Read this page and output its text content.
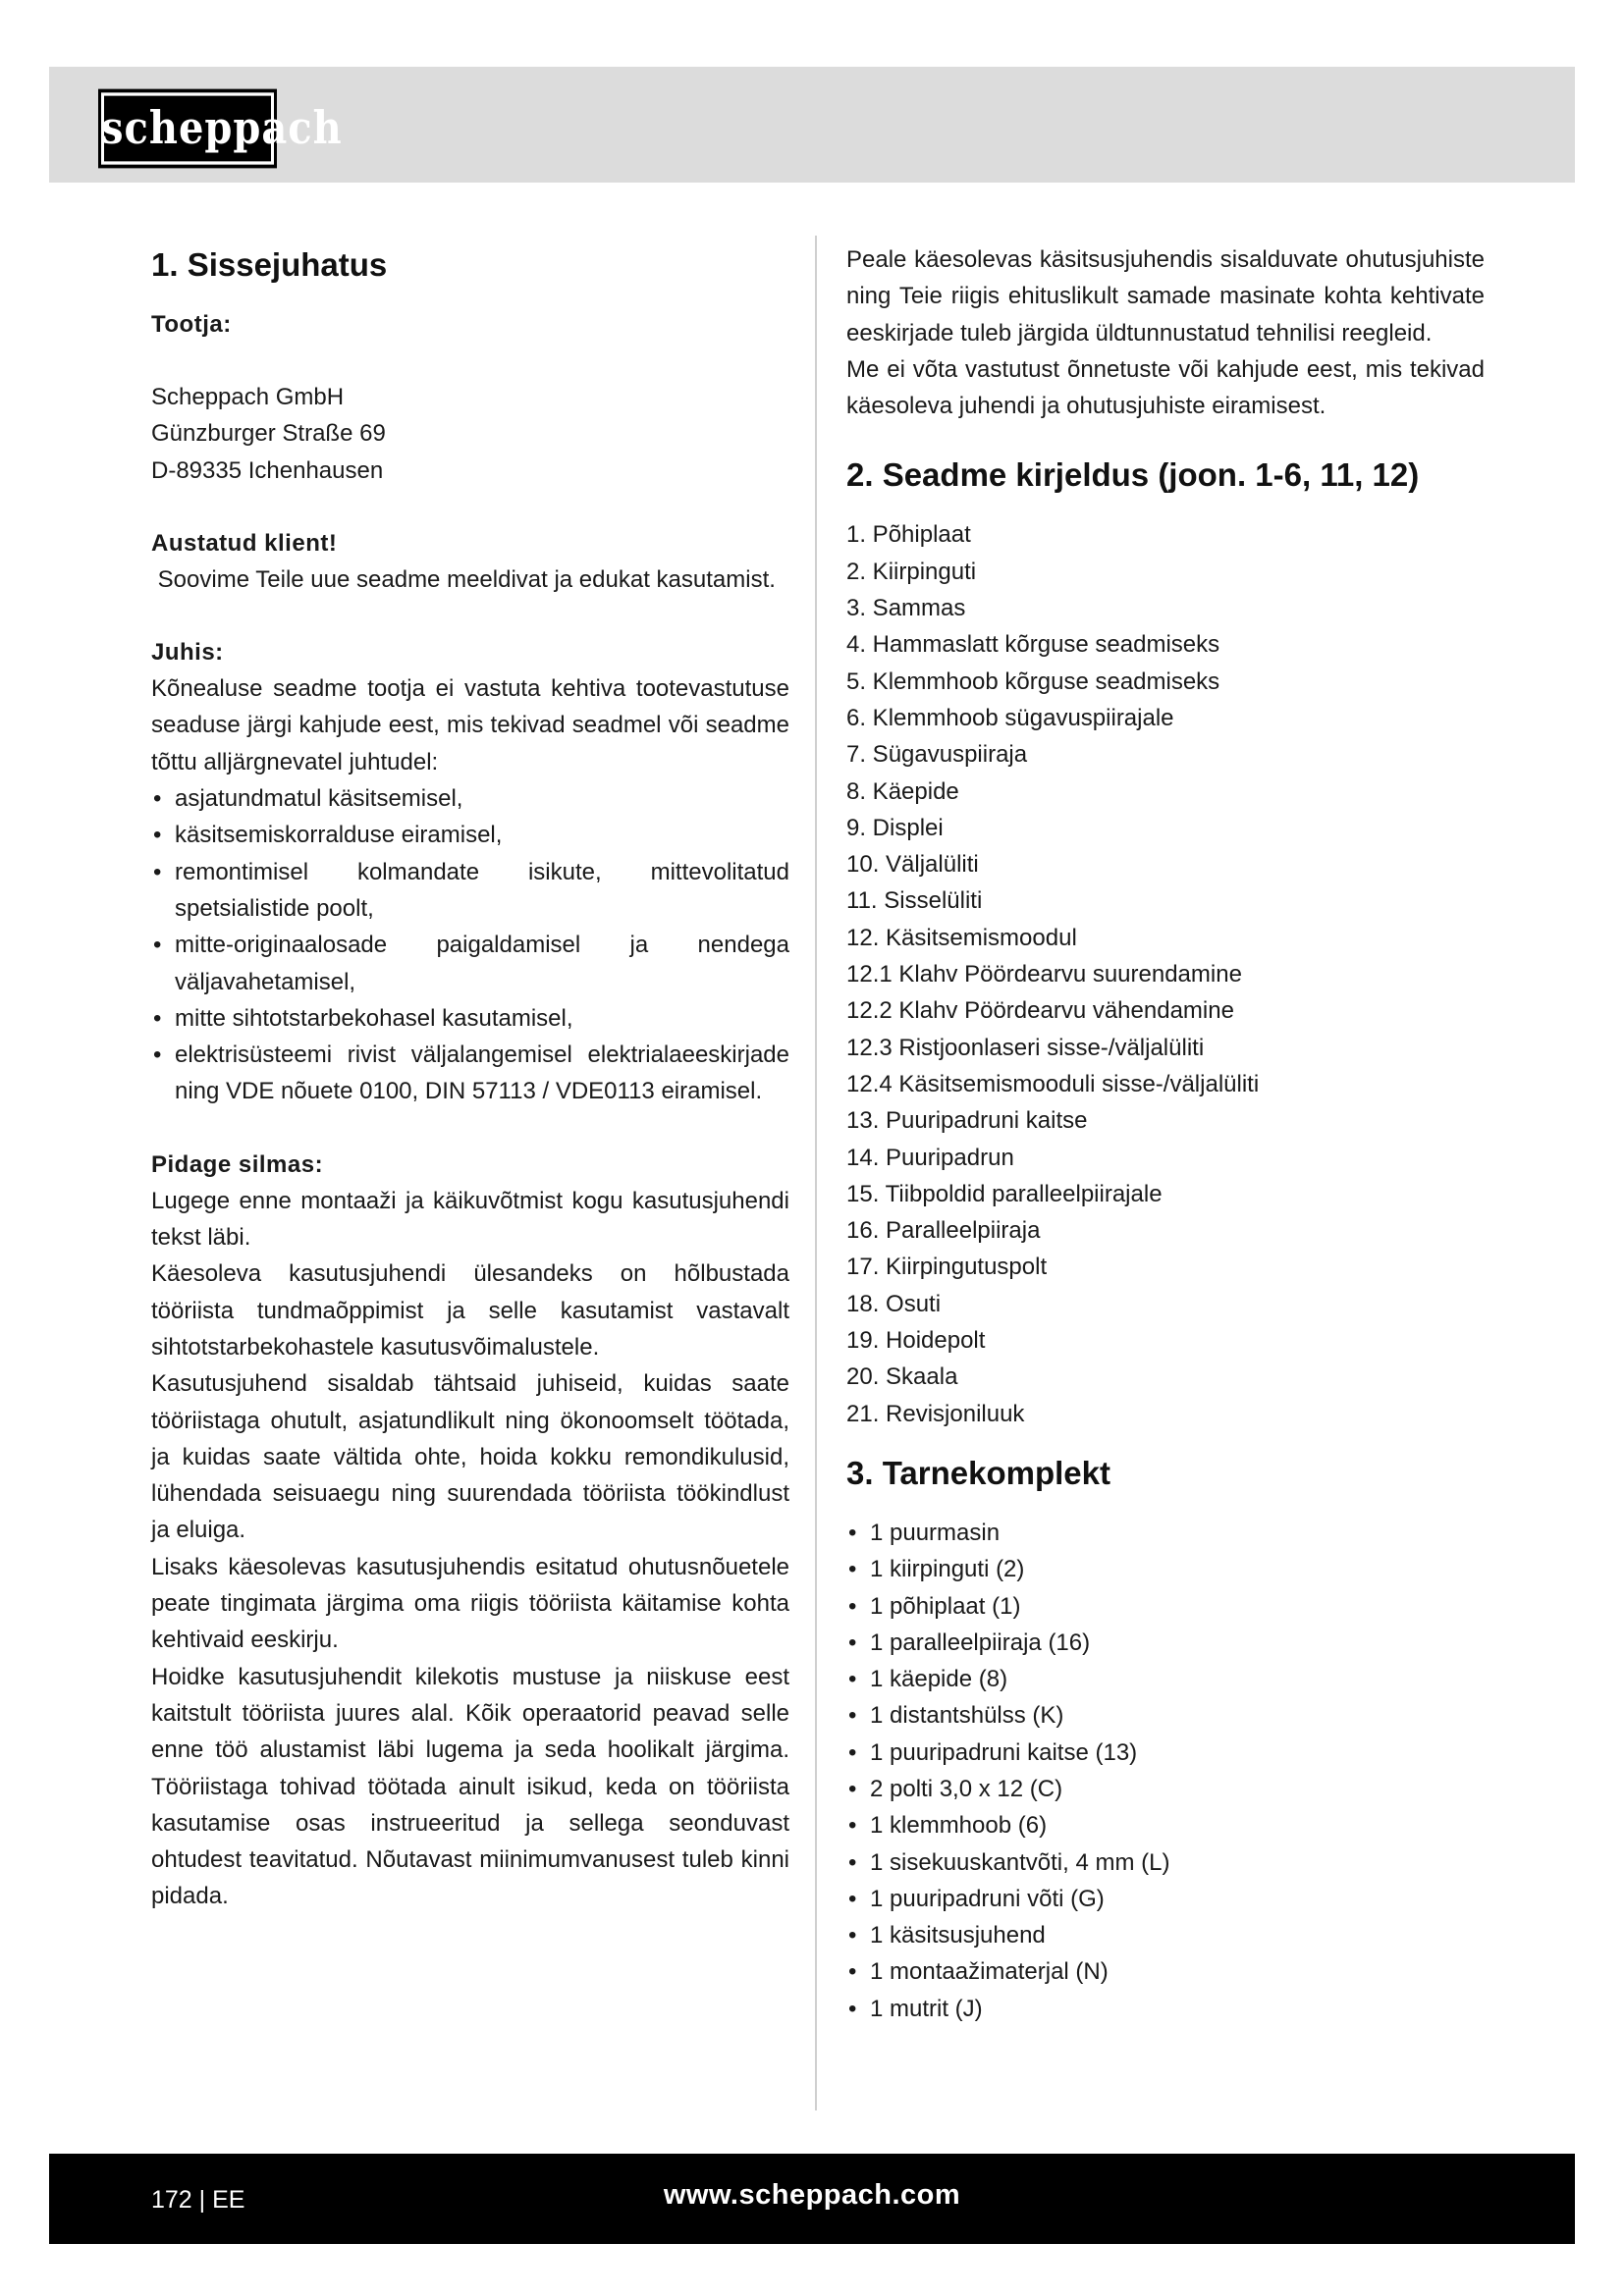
scheppach
1. Sissejuhatus
Tootja:
Scheppach GmbH
Günzburger Straße 69
D-89335 Ichenhausen
Austatud klient!

Soovime Teile uue seadme meeldivat ja edukat kasutamist.

Juhis:

Kõnealuse seadme tootja ei vastuta kehtiva tootevastutuse seaduse järgi kahjude eest, mis tekivad seadmel või seadme tõttu alljärgnevatel juhtudel:

• asjatundmatul käsitsemisel,
• käsitsemiskorralduse eiramisel,
• remontimisel kolmandate isikute, mittevolitatud spetsialistide poolt,
• mitte-originaalosade paigaldamisel ja nendega väljavahetamisel,
• mitte sihtotstarbekohasel kasutamisel,
• elektrisüsteemi rivist väljalangemisel elektrialaeeskirjade ning VDE nõuete 0100, DIN 57113 / VDE0113 eiramisel.
Pidage silmas:

Lugege enne montaaži ja käikuvõtmist kogu kasutusjuhendi tekst läbi.

Käesoleva kasutusjuhendi ülesandeks on hõlbustada tööriista tundmaõppimist ja selle kasutamist vastavalt sihtotstarbekohastele kasutusvõimalustele.

Kasutusjuhend sisaldab tähtsaid juhiseid, kuidas saate tööriistaga ohutult, asjatundlikult ning ökonoomselt töötada, ja kuidas saate vältida ohte, hoida kokku remondikulusid, lühendada seisuaegu ning suurendada tööriista töökindlust ja eluiga.

Lisaks käesolevas kasutusjuhendis esitatud ohutusnõuetele peate tingimata järgima oma riigis tööriista käitamise kohta kehtivaid eeskirju.

Hoidke kasutusjuhendit kilekotis mustuse ja niiskuse eest kaitstult tööriista juures alal. Kõik operaatorid peavad selle enne töö alustamist läbi lugema ja seda hoolikalt järgima. Tööriistaga tohivad töötada ainult isikud, keda on tööriista kasutamise osas instrueeritud ja sellega seonduvast ohtudest teavitatud. Nõutavast miinimumvanusest tuleb kinni pidada.

Peale käesolevas käsitsusjuhendis sisalduvate ohutusjuhiste ning Teie riigis ehituslikult samade masinate kohta kehtivate eeskirjade tuleb järgida üldtunnustatud tehnilisi reegleid.

Me ei võta vastutust õnnetuste või kahjude eest, mis tekivad käesoleva juhendi ja ohutusjuhiste eiramisest.

2. Seadme kirjeldus (joon. 1-6, 11, 12)
1. Põhiplaat
2. Kiirpinguti
3. Sammas
4. Hammaslatt kõrguse seadmiseks
5. Klemmhoob kõrguse seadmiseks
6. Klemmhoob sügavuspiirajale
7. Sügavuspiiraja
8. Käepide
9. Displei
10. Väljalüliti
11. Sisselüliti
12. Käsitsemismoodul
12.1 Klahv Pöördearvu suurendamine
12.2 Klahv Pöördearvu vähendamine
12.3 Ristjoonlaseri sisse-/väljalüliti
12.4 Käsitsemismooduli sisse-/väljalüliti
13. Puuripadruni kaitse
14. Puuripadrun
15. Tiibpoldid paralleelpiirajale
16. Paralleelpiiraja
17. Kiirpingutuspolt
18. Osuti
19. Hoidepolt
20. Skaala
21. Revisjoniluuk
3. Tarnekomplekt
• 1 puurmasin
• 1 kiirpinguti (2)
• 1 põhiplaat (1)
• 1 paralleelpiiraja (16)
• 1 käepide (8)
• 1 distantshülss (K)
• 1 puuripadruni kaitse (13)
• 2 polti 3,0 x 12 (C)
• 1 klemmhoob (6)
• 1 sisekuuskantvõti, 4 mm (L)
• 1 puuripadruni võti (G)
• 1 käsitsusjuhend
• 1 montaažimaterjal (N)
• 1 mutrit (J)
172 | EE	www.scheppach.com
